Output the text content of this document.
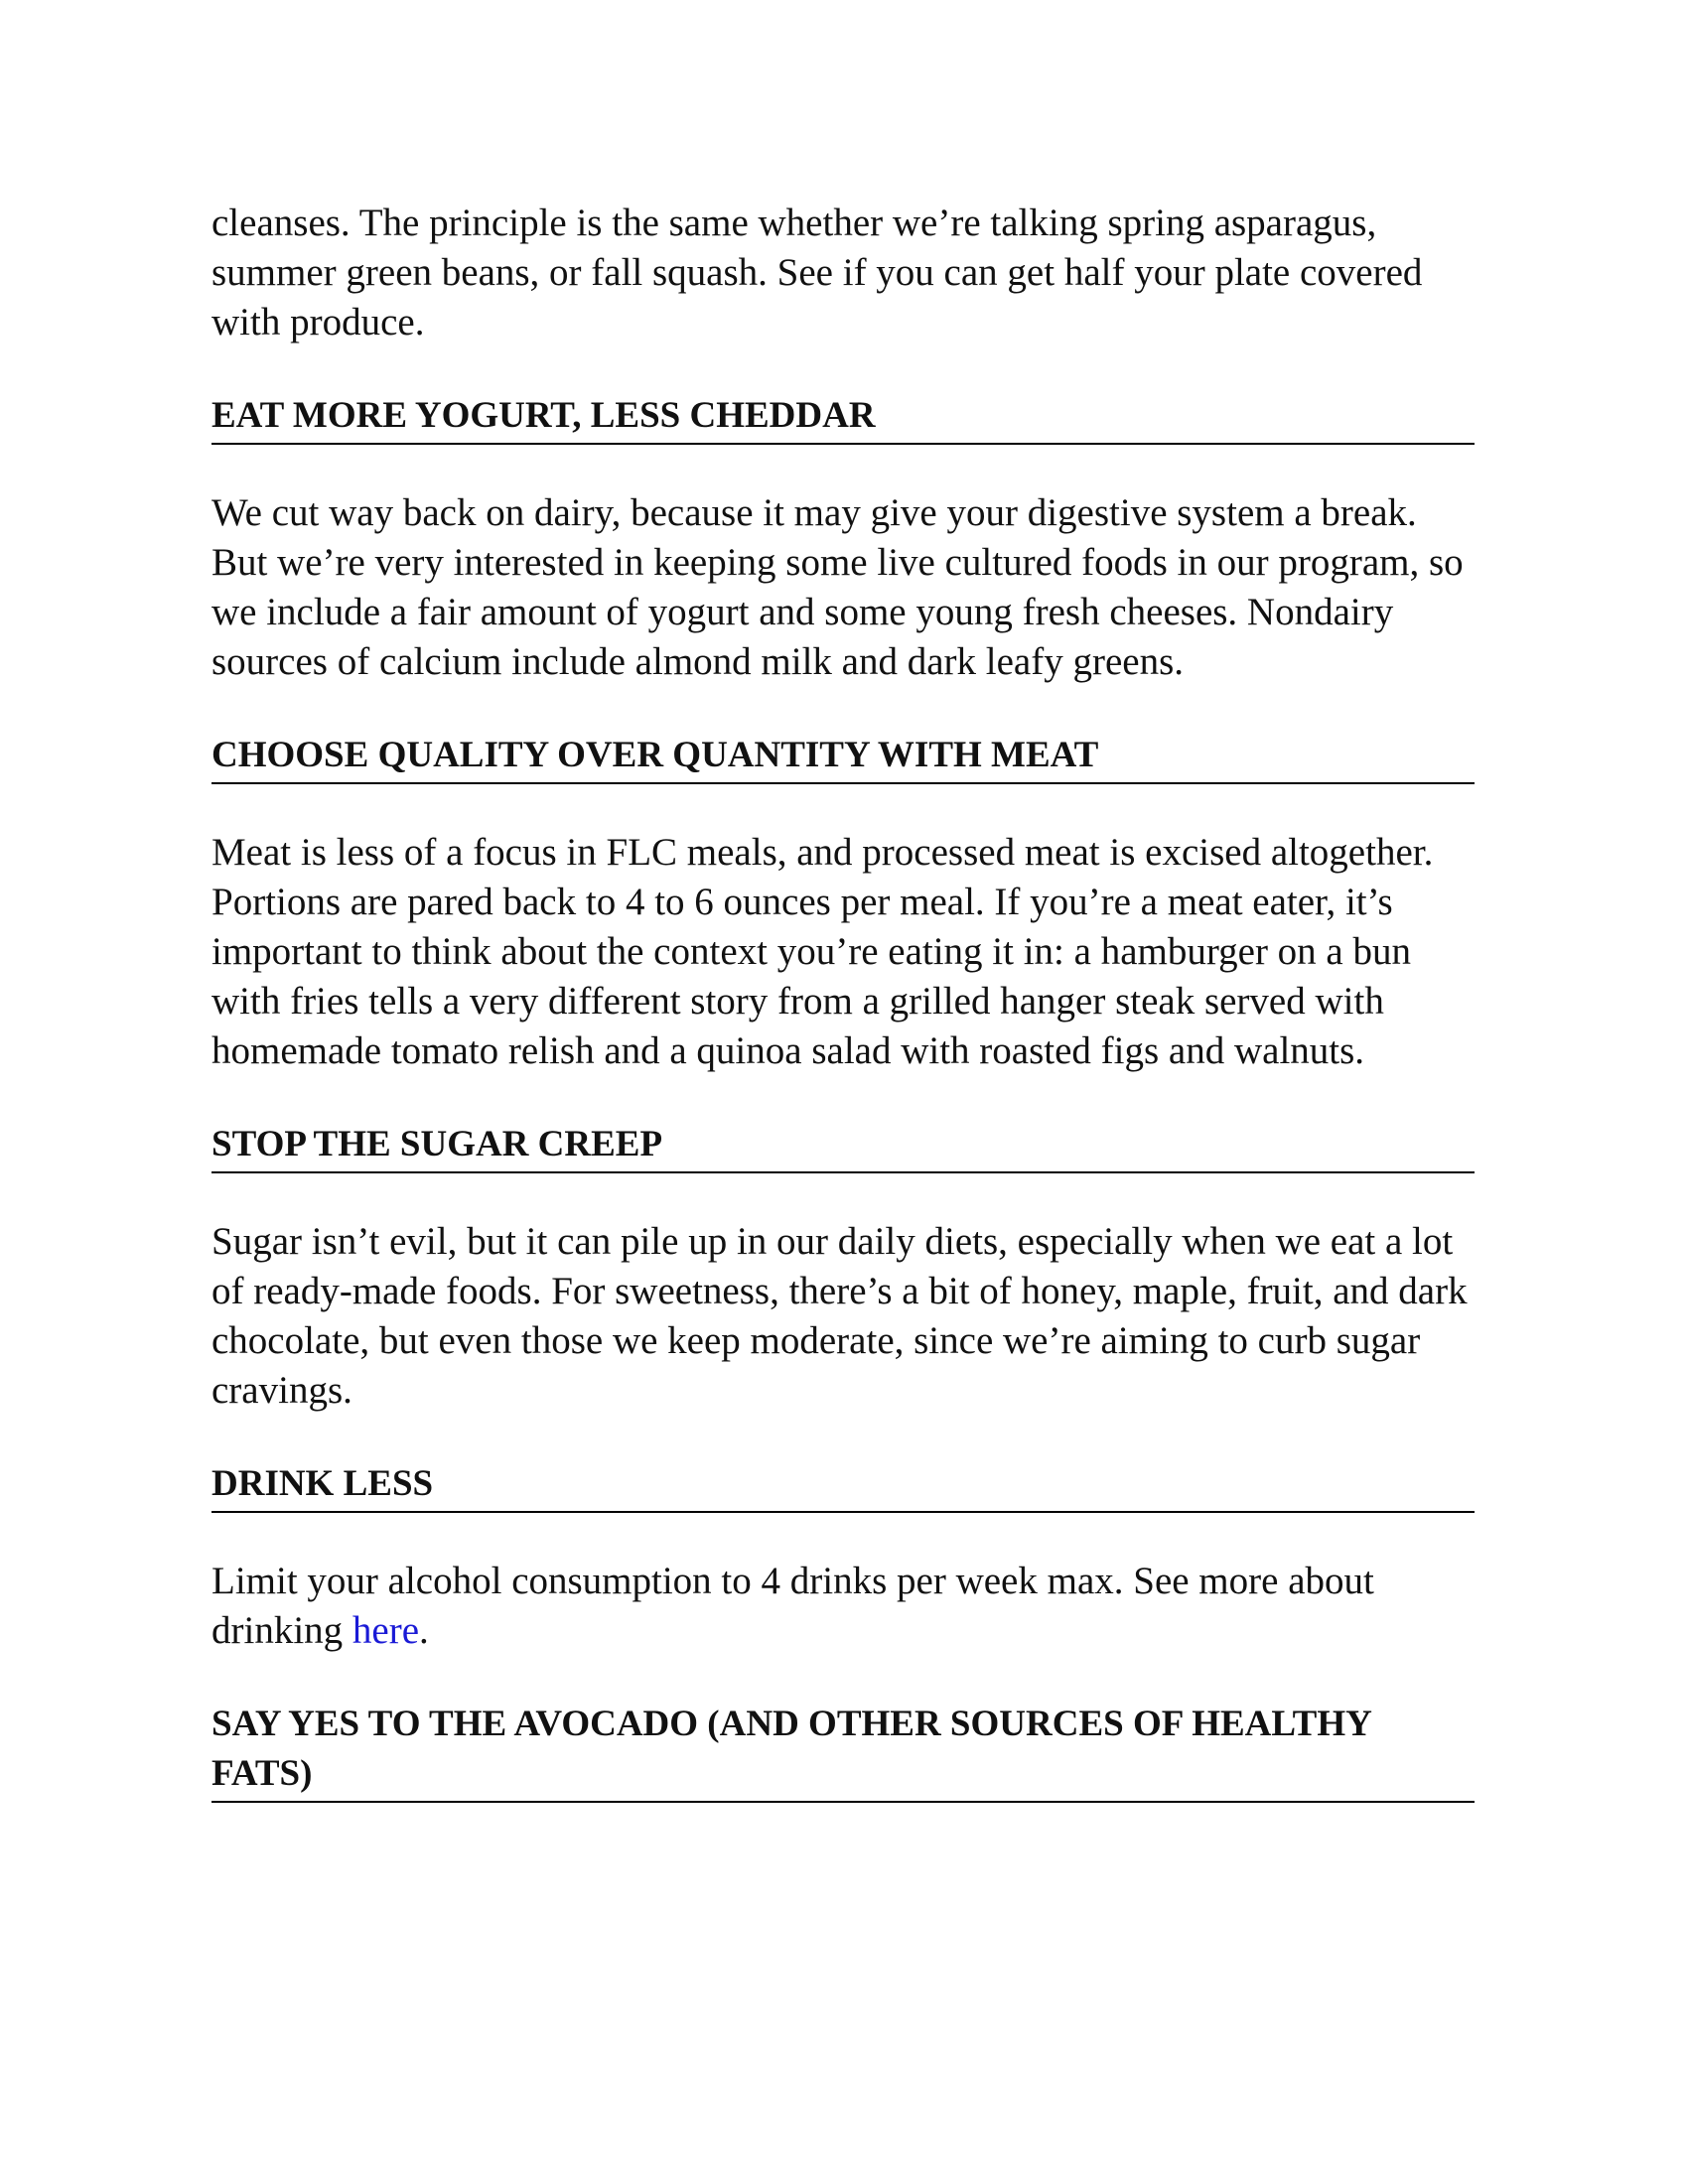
cleanses. The principle is the same whether we’re talking spring asparagus, summer green beans, or fall squash. See if you can get half your plate covered with produce.

EAT MORE YOGURT, LESS CHEDDAR

We cut way back on dairy, because it may give your digestive system a break. But we’re very interested in keeping some live cultured foods in our program, so we include a fair amount of yogurt and some young fresh cheeses. Nondairy sources of calcium include almond milk and dark leafy greens.

CHOOSE QUALITY OVER QUANTITY WITH MEAT

Meat is less of a focus in FLC meals, and processed meat is excised altogether. Portions are pared back to 4 to 6 ounces per meal. If you’re a meat eater, it’s important to think about the context you’re eating it in: a hamburger on a bun with fries tells a very different story from a grilled hanger steak served with homemade tomato relish and a quinoa salad with roasted figs and walnuts.

STOP THE SUGAR CREEP

Sugar isn’t evil, but it can pile up in our daily diets, especially when we eat a lot of ready-made foods. For sweetness, there’s a bit of honey, maple, fruit, and dark chocolate, but even those we keep moderate, since we’re aiming to curb sugar cravings.

DRINK LESS

Limit your alcohol consumption to 4 drinks per week max. See more about drinking here.

SAY YES TO THE AVOCADO (AND OTHER SOURCES OF HEALTHY FATS)
